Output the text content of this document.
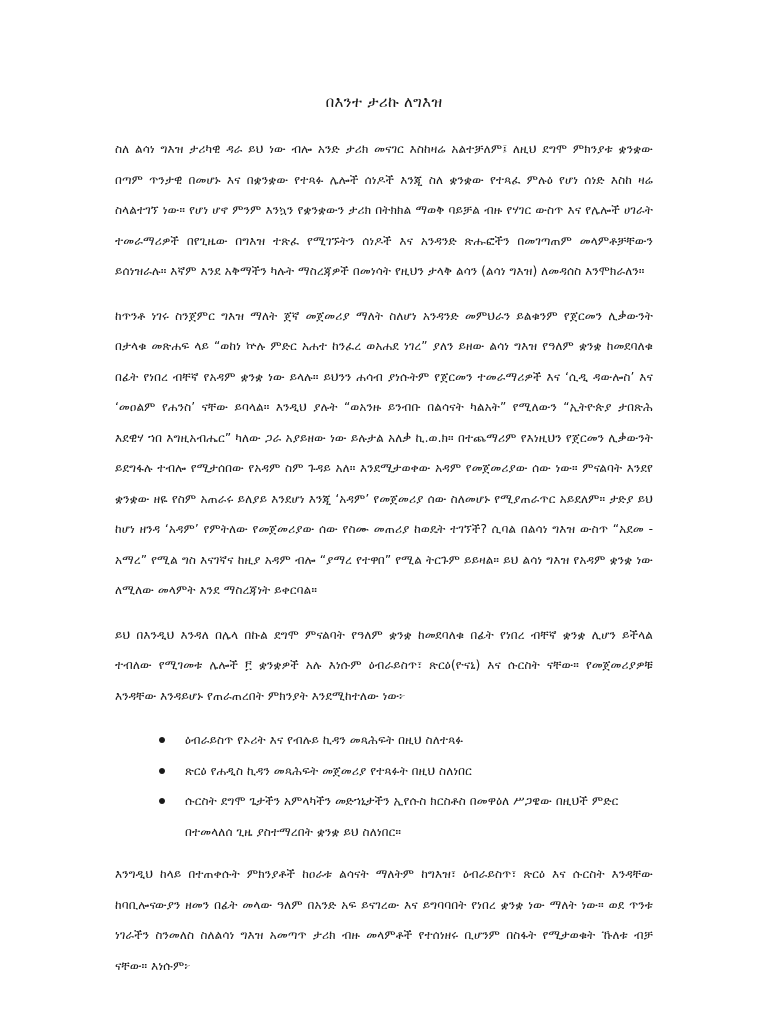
በእንተ ታሪኩ ለግእዝ

ስለ ልሳነ ግእዝ ታሪካዊ ዳራ ይህ ነው ብሎ አንድ ታሪክ መናገር እስከዛሬ አልተቻለም፤ ለዚህ ደግሞ ምክንያቱ ቋንቋው በጣም ጥንታዊ በመሆኑ እና በቋንቋው የተጻፉ ሌሎች ሰነዶች እንጂ ስለ ቋንቋው የተጻፈ ምሉዕ የሆነ ሰነድ እስከ ዛሬ ስላልተገኘ ነው። የሆነ ሆኖ ምንም እንኳን የቋንቋውን ታሪክ በትክክል ማወቅ ባይቻል ብዙ የሃገር ውስጥ እና የሌሎች ሀገራት ተመራማሪዎች በየጊዜው በግእዝ ተጽፈ የሚገኙትን ሰነዶች እና አንዳንድ ጽሑፎችን በመገጣጠም መላምቶቻቸውን ይሰነዝራሉ። እኛም እንደ አቅማችን ካሉት ማስረጃዎች በመነሳት የዚህን ታላቅ ልሳን (ልሳነ ግእዝ) ለመዳሰስ እንሞክራለን።

ከጥንቶ ነገሩ ስንጀምር ግእዝ ማለት ጀኛ መጀመሪያ ማለት ስለሆነ አንዳንድ መምህራን ይልቁንም የጀርመን ሊቃውንት በታላቁ መጽሐፍ ላይ “ወከነ ኵሉ ምድር አሐተ ከንፈረ ወአሐደ ነገረ” ያለን ይዘው ልሳነ ግእዝ የዓለም ቋንቋ ከመደባለቁ በፊት የነበረ ብቸኛ የአዳም ቋንቋ ነው ይላሉ። ይህንን ሐሳብ ያነሱትም የጀርመን ተመራማሪዎች እና ‘ሲዲ ዳውሎስ’ እና ‘መዐልም የሐንስ’ ናቸው ይባላል። እንዲህ ያሉት “ወአንዙ ይንብቡ በልሳናት ካልአት” የሚለውን “ኢትዮጵያ ታበጽሕ እደዊሃ ኀበ እግዚአብሔር” ካለው ጋራ አያይዘው ነው ይሉታል አለቃ ኪ.ወ.ክ። በተጨማሪም የእነዚህን የጀርመን ሊቃውንት ይደግፋሉ ተብሎ የሚታሰበው የአዳም ስም ጉዳይ አለ። እንደሚታወቀው አዳም የመጀመሪያው ሰው ነው። ምናልባት እንደየ ቋንቋው ዘዬ የስም አጠራሩ ይለያይ እንደሆነ እንጂ ‘አዳም’ የመጀመሪያ ሰው ስለመሆኑ የሚያጠራጥር አይደለም። ታድያ ይህ ከሆነ ዘንዳ ‘አዳም’ የምትለው የመጀመሪያው ሰው የስሙ መጠሪያ ከወዴት ተገኘች? ሲባል በልሳነ ግእዝ ውስጥ “አደመ - አማረ” የሚል ግስ እናገኛና ከዚያ አዳም ብሎ “ያማረ የተዋበ” የሚል ትርጉም ይይዛል። ይህ ልሳነ ግእዝ የአዳም ቋንቋ ነው ለሚለው መላምት እንደ ማስረጃነት ይቀርባል።

ይህ በእንዲህ እንዳለ በሌላ በኩል ደግሞ ምናልባት የዓለም ቋንቋ ከመደባለቁ በፊት የነበረ ብቸኛ ቋንቋ ሊሆን ይችላል ተብለው የሚገመቱ ሌሎች ፫ ቋንቋዎች አሉ እነሱም ዕብራይስጥ፣ ጽርዕ(ዮናኒ) እና ሱርስት ናቸው። የመጀመሪያዎቹ እንዳቸው እንዳይሆኑ የጠራጠረበት ምክንያት እንደሚከተለው ነው፦

ዕብራይስጥ የኦሪት እና የብሉይ ኪዳን መጻሕፍት በዚህ ስለተጻፉ
ጽርዕ የሐዲስ ኪዳን መጻሕፍት መጀመሪያ የተጻፉት በዚህ ስለነበር
ሱርስት ደግሞ ጌታችን አምላካችን መድኀኒታችን ኢየሱስ ክርስቶስ በመዋዕለ ሥጋዌው በዚህች ምድር በተመላለሰ ጊዜ ያስተማረበት ቋንቋ ይህ ስለነበር።

እንግዲህ ከላይ በተጠቀሱት ምክንያቶች ከዐራቱ ልሳናት ማለትም ከግእዝ፣ ዕብራይስጥ፣ ጽርዕ እና ሱርስት እንዳቸው ከባቢሎናውያን ዘመን በፊት መላው ዓለም በአንድ አፍ ይናገረው እና ይግባባበት የነበረ ቋንቋ ነው ማለት ነው። ወደ ጥንቱ ነገራችን ስንመለስ ስለልሳነ ግእዝ አመጣጥ ታሪክ ብዙ መላምቶች የተሰነዘሩ ቢሆንም በስፋት የሚታወቁት ኹለቱ ብቻ ናቸው። እነሱም፦
